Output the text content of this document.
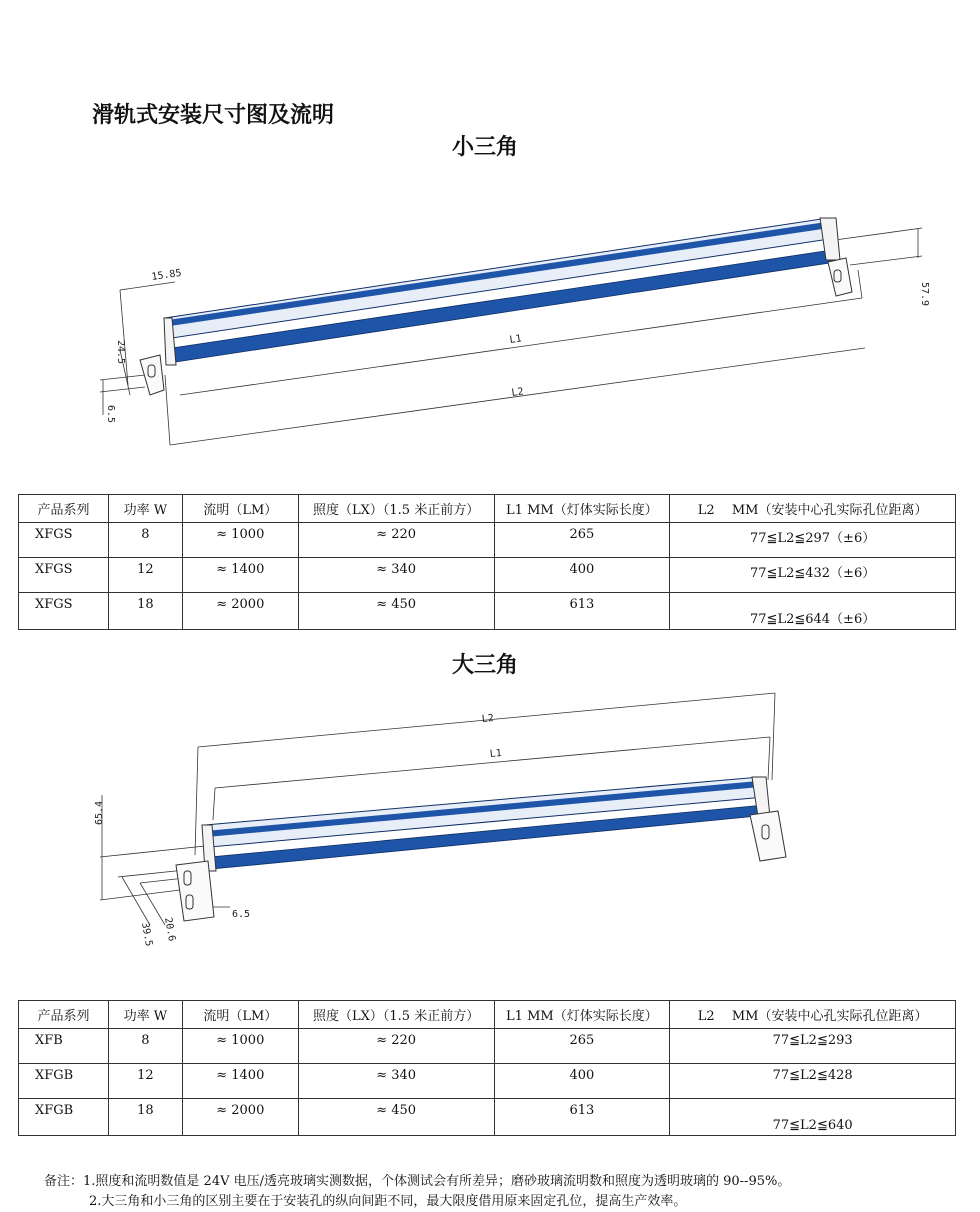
滑轨式安装尺寸图及流明
小三角
15.85
24.5
6.5
57.9
L1
L2
产品系列	功率 W	流明（LM）	照度（LX）（1.5 米正前方）	L1 MM（灯体实际长度）	L2　 MM（安装中心孔实际孔位距离）
XFGS	8	≈ 1000	≈ 220	265	77≦L2≦297（±6）
XFGS	12	≈ 1400	≈ 340	400	77≦L2≦432（±6）
XFGS	18	≈ 2000	≈ 450	613	77≦L2≦644（±6）
大三角
L2
L1
65.4
39.5 20.6
6.5
产品系列	功率 W	流明（LM）	照度（LX）（1.5 米正前方）	L1 MM（灯体实际长度）	L2　 MM（安装中心孔实际孔位距离）
XFB	8	≈ 1000	≈ 220	265	77≦L2≦293
XFGB	12	≈ 1400	≈ 340	400	77≦L2≦428
XFGB	18	≈ 2000	≈ 450	613	77≦L2≦640
备注：1.照度和流明数值是 24V 电压/透亮玻璃实测数据，个体测试会有所差异；磨砂玻璃流明数和照度为透明玻璃的 90--95%。
2.大三角和小三角的区别主要在于安装孔的纵向间距不同，最大限度借用原来固定孔位，提高生产效率。
